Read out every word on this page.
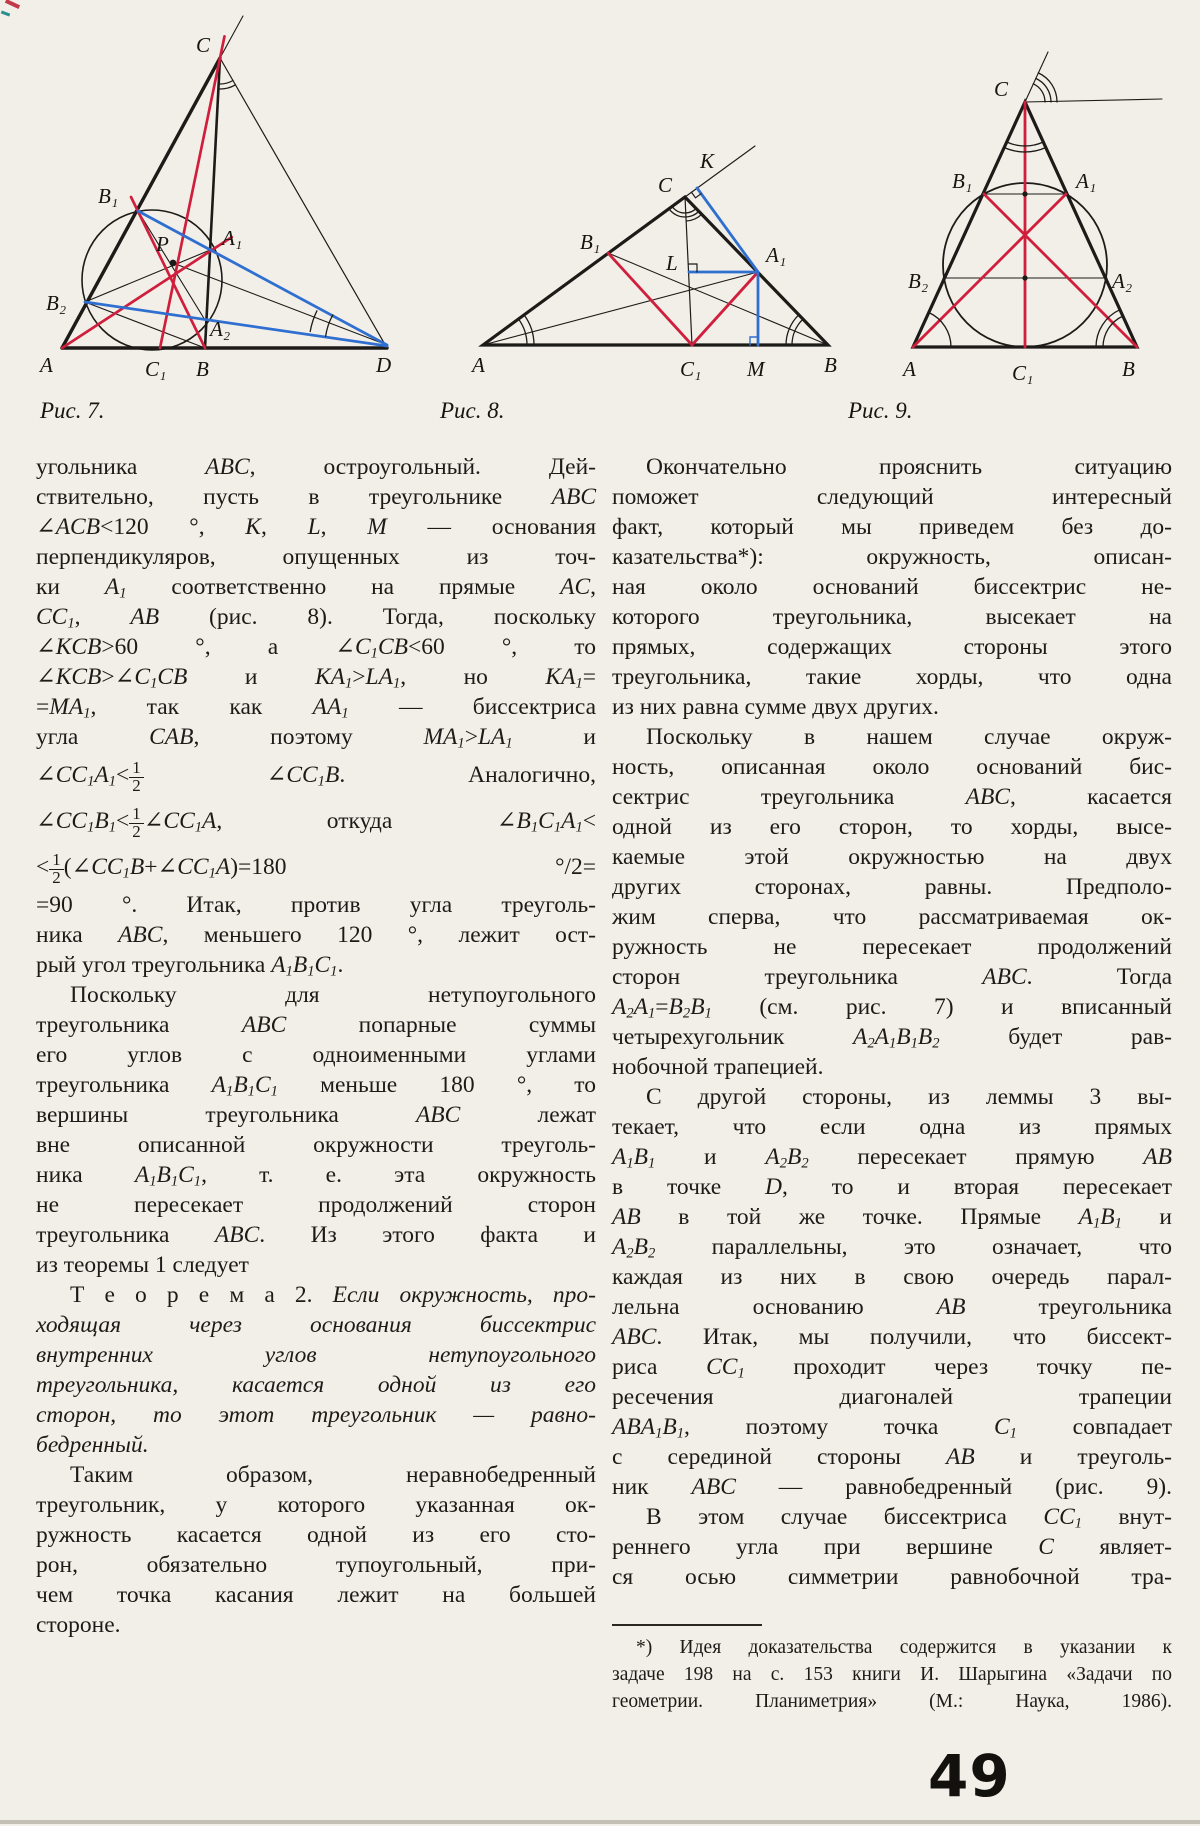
C
B₁
B₂
A	C₁ B	D
A₁
A₂
P
A	C₁ M	B
C
K
B₁
L	A₁
C
B₁	A₁
B₂	A₂
A	C₁	B
Рис. 7.	Рис. 8.	Рис. 9.
угольника ABC, остроугольный. Дей-
ствительно, пусть в треугольнике ABC
∠ACB<120 °, K, L, M — основания
перпендикуляров, опущенных из точ-
ки $A_1$ соответственно на прямые AC,
$CC_1$, AB (рис. 8). Тогда, поскольку
∠KCB>60 °, а $\angle C_1CB<60$ °, то
$\angle KCB>\angle C_1CB$ и $KA_1>LA_1$, но $KA_1=$
$=MA_1$, так как $AA_1$ — биссектриса
угла CAB, поэтому $MA_1>LA_1$ и
$\angle CC_1A_1< \frac{1}{2}$ $\angle CC_1B$. Аналогично,
$\angle CC_1B_1< \frac{1}{2}$ $\angle CC_1A$, откуда $\angle B_1C_1A_1<$
< $\frac{1}{2}$ $(\angle CC_1B+\angle CC_1A)=180$ °/2=
=90 °. Итак, против угла треуголь-
ника ABC, меньшего 120 °, лежит ост-
рый угол треугольника $A_1B_1C_1$.
Поскольку для нетупоугольного
треугольника ABC попарные суммы
его углов с одноименными углами
треугольника $A_1B_1C_1$ меньше 180 °, то
вершины треугольника ABC лежат
вне описанной окружности треуголь-
ника $A_1B_1C_1$, т. е. эта окружность
не пересекает продолжений сторон
треугольника ABC. Из этого факта и
из теоремы 1 следует
Т е о р е м а 2. Если окружность, про-
ходящая через основания биссектрис
внутренних углов нетупоугольного
треугольника, касается одной из его
сторон, то этот треугольник — равно-
бедренный.
Таким образом, неравнобедренный
треугольник, у которого указанная ок-
ружность касается одной из его сто-
рон, обязательно тупоугольный, при-
чем точка касания лежит на большей
стороне.
Окончательно прояснить ситуацию
поможет следующий интересный
факт, который мы приведем без до-
казательства*): окружность, описан-
ная около оснований биссектрис не-
которого треугольника, высекает на
прямых, содержащих стороны этого
треугольника, такие хорды, что одна
из них равна сумме двух других.
Поскольку в нашем случае окруж-
ность, описанная около оснований бис-
сектрис треугольника ABC, касается
одной из его сторон, то хорды, высе-
каемые этой окружностью на двух
других сторонах, равны. Предполо-
жим сперва, что рассматриваемая ок-
ружность не пересекает продолжений
сторон треугольника ABC. Тогда
$A_2A_1=B_2B_1$ (см. рис. 7) и вписанный
четырехугольник $A_2A_1B_1B_2$ будет рав-
нобочной трапецией.
С другой стороны, из леммы 3 вы-
текает, что если одна из прямых
$A_1B_1$ и $A_2B_2$ пересекает прямую AB
в точке D, то и вторая пересекает
AB в той же точке. Прямые $A_1B_1$ и
$A_2B_2$ параллельны, это означает, что
каждая из них в свою очередь парал-
лельна основанию AB треугольника
ABC. Итак, мы получили, что биссект-
риса $CC_1$ проходит через точку пе-
ресечения диагоналей трапеции
$ABA_1B_1$, поэтому точка $C_1$ совпадает
с серединой стороны AB и треуголь-
ник ABC — равнобедренный (рис. 9).
В этом случае биссектриса $CC_1$ внут-
реннего угла при вершине C являет-
ся осью симметрии равнобочной тра-
*) Идея доказательства содержится в указании к
задаче 198 на с. 153 книги И. Шарыгина «Задачи по
геометрии. Планиметрия» (М.: Наука, 1986).
49
